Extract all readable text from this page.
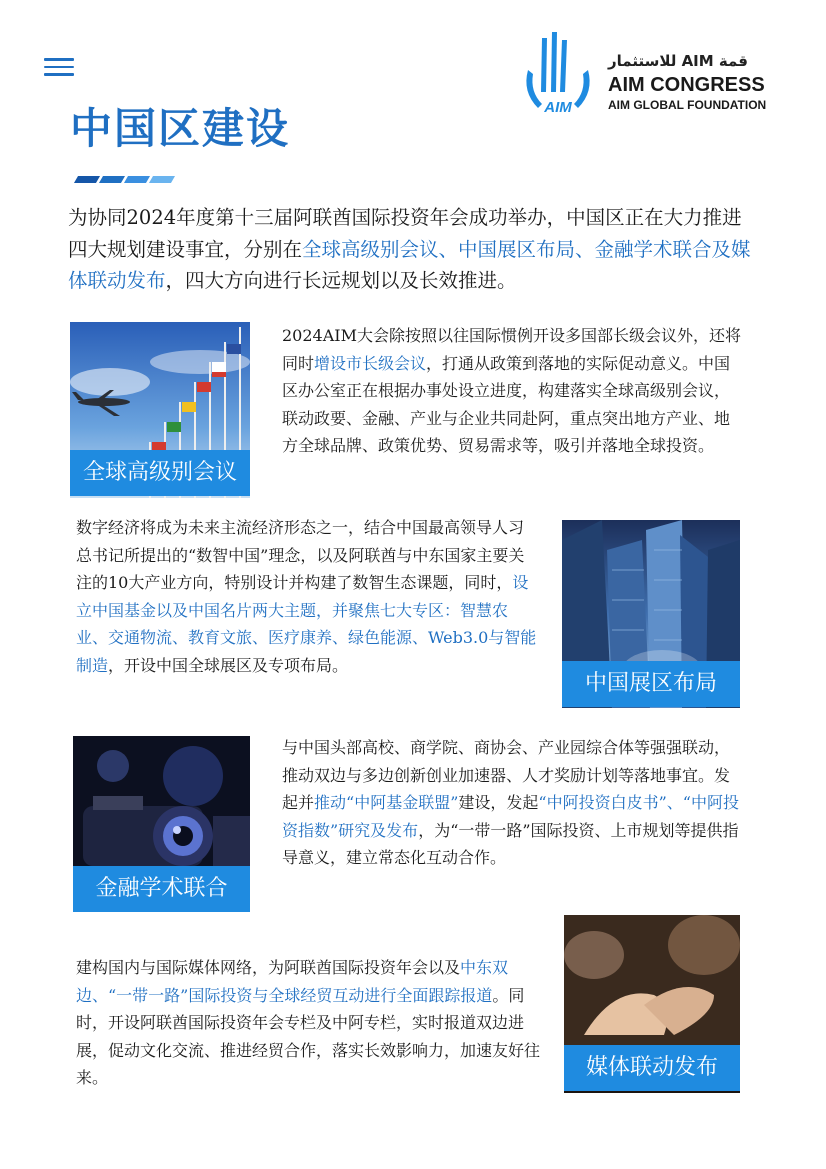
中国区建设	AIM
قمة AIM للاستثمار
AIM CONGRESS
AIM GLOBAL FOUNDATION

为协同2024年度第十三届阿联酋国际投资年会成功举办，中国区正在大力推进四大规划建设事宜，分别在全球高级别会议、中国展区布局、金融学术联合及媒体联动发布，四大方向进行长远规划以及长效推进。

全球高级别会议

2024AIM大会除按照以往国际惯例开设多国部长级会议外，还将同时增设市长级会议，打通从政策到落地的实际促动意义。中国区办公室正在根据办事处设立进度，构建落实全球高级别会议，联动政要、金融、产业与企业共同赴阿，重点突出地方产业、地方全球品牌、政策优势、贸易需求等，吸引并落地全球投资。

数字经济将成为未来主流经济形态之一，结合中国最高领导人习总书记所提出的“数智中国”理念，以及阿联酋与中东国家主要关注的10大产业方向，特别设计并构建了数智生态课题，同时，设立中国基金以及中国名片两大主题，并聚焦七大专区：智慧农业、交通物流、教育文旅、医疗康养、绿色能源、Web3.0与智能制造，开设中国全球展区及专项布局。

中国展区布局
金融学术联合

与中国头部高校、商学院、商协会、产业园综合体等强强联动，推动双边与多边创新创业加速器、人才奖励计划等落地事宜。发起并推动“中阿基金联盟”建设，发起“中阿投资白皮书”、“中阿投资指数”研究及发布，为“一带一路”国际投资、上市规划等提供指导意义，建立常态化互动合作。

建构国内与国际媒体网络，为阿联酋国际投资年会以及中东双边、“一带一路”国际投资与全球经贸互动进行全面跟踪报道。同时，开设阿联酋国际投资年会专栏及中阿专栏，实时报道双边进展，促动文化交流、推进经贸合作，落实长效影响力，加速友好往来。	媒体联动发布
